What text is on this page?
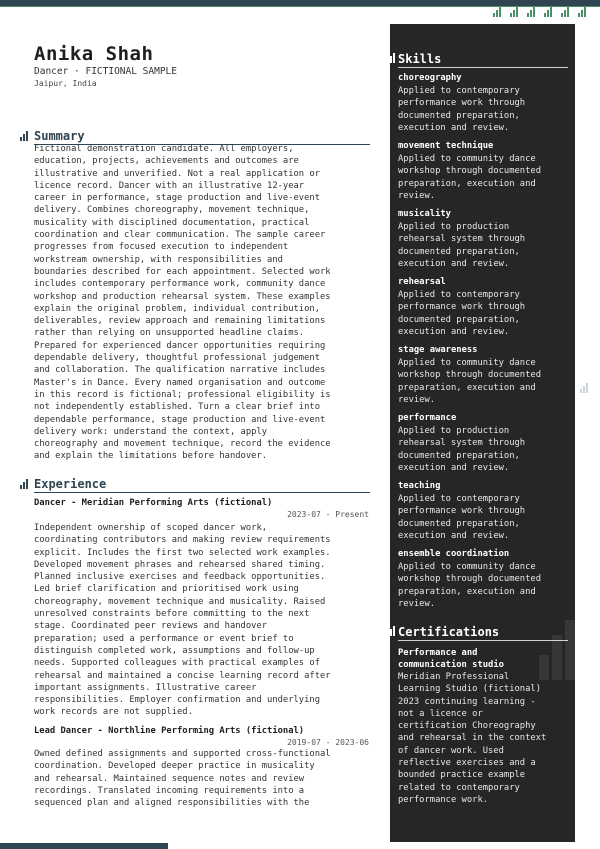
Anika Shah
Dancer · FICTIONAL SAMPLE
Jaipur, India
Summary
Fictional demonstration candidate. All employers,
education, projects, achievements and outcomes are
illustrative and unverified. Not a real application or
licence record. Dancer with an illustrative 12-year
career in performance, stage production and live-event
delivery. Combines choreography, movement technique,
musicality with disciplined documentation, practical
coordination and clear communication. The sample career
progresses from focused execution to independent
workstream ownership, with responsibilities and
boundaries described for each appointment. Selected work
includes contemporary performance work, community dance
workshop and production rehearsal system. These examples
explain the original problem, individual contribution,
deliverables, review approach and remaining limitations
rather than relying on unsupported headline claims.
Prepared for experienced dancer opportunities requiring
dependable delivery, thoughtful professional judgement
and collaboration. The qualification narrative includes
Master's in Dance. Every named organisation and outcome
in this record is fictional; professional eligibility is
not independently established. Turn a clear brief into
dependable performance, stage production and live-event
delivery work: understand the context, apply
choreography and movement technique, record the evidence
and explain the limitations before handover.
Experience
Dancer - Meridian Performing Arts (fictional)
2023-07 - Present
Independent ownership of scoped dancer work,
coordinating contributors and making review requirements
explicit. Includes the first two selected work examples.
Developed movement phrases and rehearsed shared timing.
Planned inclusive exercises and feedback opportunities.
Led brief clarification and prioritised work using
choreography, movement technique and musicality. Raised
unresolved constraints before committing to the next
stage. Coordinated peer reviews and handover
preparation; used a performance or event brief to
distinguish completed work, assumptions and follow-up
needs. Supported colleagues with practical examples of
rehearsal and maintained a concise learning record after
important assignments. Illustrative career
responsibilities. Employer confirmation and underlying
work records are not supplied.
Lead Dancer - Northline Performing Arts (fictional)
2019-07 - 2023-06
Owned defined assignments and supported cross-functional
coordination. Developed deeper practice in musicality
and rehearsal. Maintained sequence notes and review
recordings. Translated incoming requirements into a
sequenced plan and aligned responsibilities with the
Skills
choreography
Applied to contemporary
performance work through
documented preparation,
execution and review.
movement technique
Applied to community dance
workshop through documented
preparation, execution and
review.
musicality
Applied to production
rehearsal system through
documented preparation,
execution and review.
rehearsal
Applied to contemporary
performance work through
documented preparation,
execution and review.
stage awareness
Applied to community dance
workshop through documented
preparation, execution and
review.
performance
Applied to production
rehearsal system through
documented preparation,
execution and review.
teaching
Applied to contemporary
performance work through
documented preparation,
execution and review.
ensemble coordination
Applied to community dance
workshop through documented
preparation, execution and
review.
Certifications
Performance and
communication studio
Meridian Professional
Learning Studio (fictional)
2023 continuing learning -
not a licence or
certification Choreography
and rehearsal in the context
of dancer work. Used
reflective exercises and a
bounded practice example
related to contemporary
performance work.
